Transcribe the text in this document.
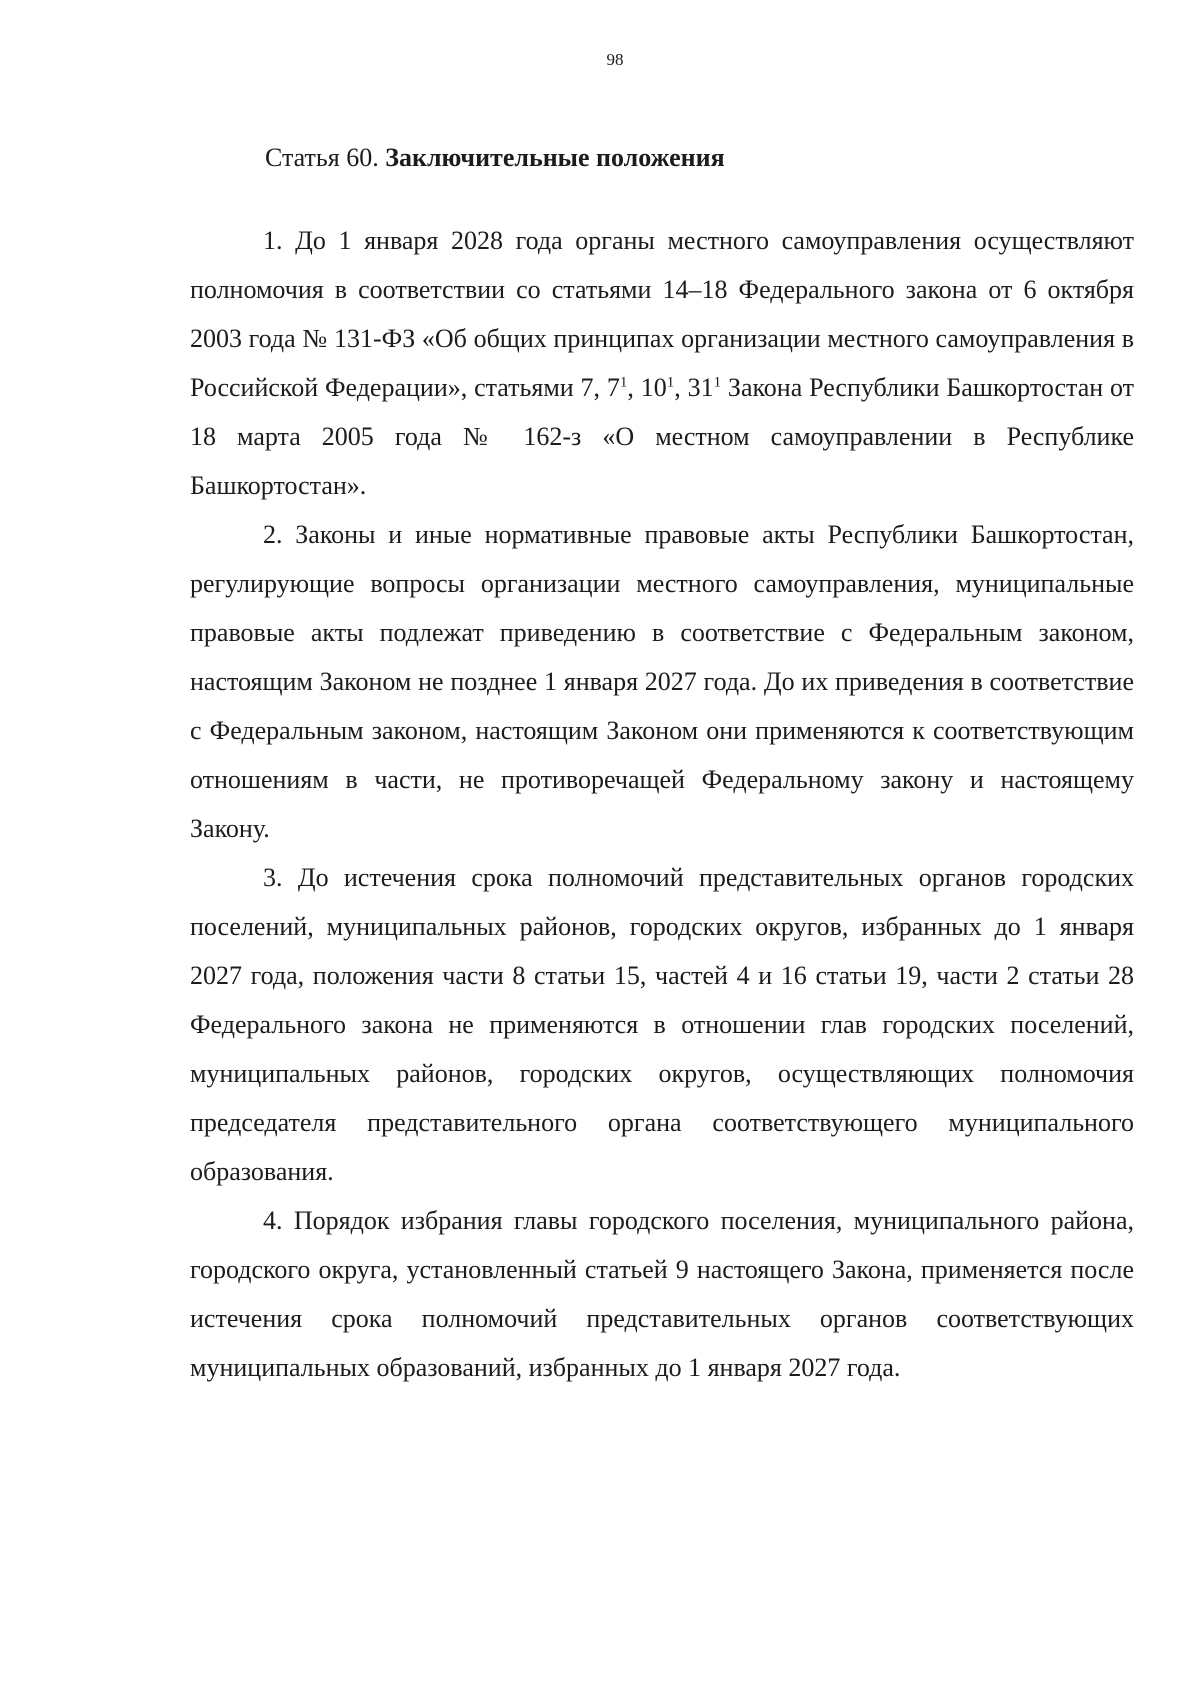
98
Статья 60. Заключительные положения

1. До 1 января 2028 года органы местного самоуправления осуществляют полномочия в соответствии со статьями 14–18 Федерального закона от 6 октября 2003 года № 131-ФЗ «Об общих принципах организации местного самоуправления в Российской Федерации», статьями 7, $7^1$, $10^1$, $31^1$ Закона Республики Башкортостан от 18 марта 2005 года № 162-з «О местном самоуправлении в Республике Башкортостан».

2. Законы и иные нормативные правовые акты Республики Башкортостан, регулирующие вопросы организации местного самоуправления, муниципальные правовые акты подлежат приведению в соответствие с Федеральным законом, настоящим Законом не позднее 1 января 2027 года. До их приведения в соответствие с Федеральным законом, настоящим Законом они применяются к соответствующим отношениям в части, не противоречащей Федеральному закону и настоящему Закону.

3. До истечения срока полномочий представительных органов городских поселений, муниципальных районов, городских округов, избранных до 1 января 2027 года, положения части 8 статьи 15, частей 4 и 16 статьи 19, части 2 статьи 28 Федерального закона не применяются в отношении глав городских поселений, муниципальных районов, городских округов, осуществляющих полномочия председателя представительного органа соответствующего муниципального образования.

4. Порядок избрания главы городского поселения, муниципального района, городского округа, установленный статьей 9 настоящего Закона, применяется после истечения срока полномочий представительных органов соответствующих муниципальных образований, избранных до 1 января 2027 года.
